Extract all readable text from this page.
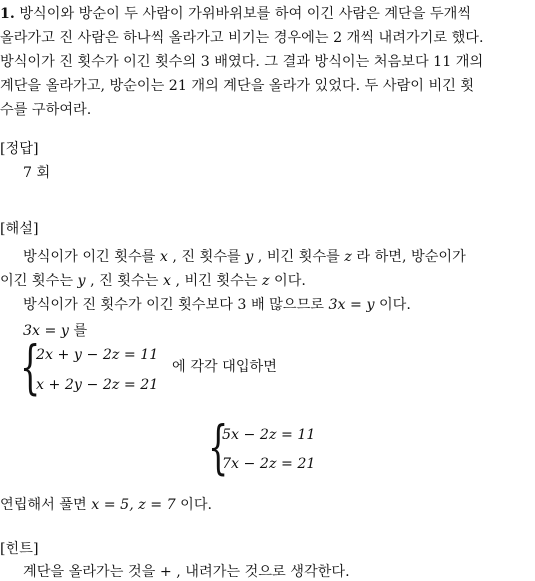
1. 방식이와 방순이 두 사람이 가위바위보를 하여 이긴 사람은 계단을 두개씩
올라가고 진 사람은 하나씩 올라가고 비기는 경우에는 2 개씩 내려가기로 했다.
방식이가 진 횟수가 이긴 횟수의 3 배였다. 그 결과 방식이는 처음보다 11 개의
계단을 올라가고, 방순이는 21 개의 계단을 올라가 있었다. 두 사람이 비긴 횟
수를 구하여라.
[정답]
7 회
[해설]
방식이가 이긴 횟수를 x , 진 횟수를 y , 비긴 횟수를 z 라 하면, 방순이가
이긴 횟수는 y , 진 횟수는 x , 비긴 횟수는 z 이다.
방식이가 진 횟수가 이긴 횟수보다 3 배 많으므로 3x = y 이다.
3x = y 를
{
2x + y − 2z = 11
x + 2y − 2z = 21
에 각각 대입하면
{
5x − 2z = 11
7x − 2z = 21
연립해서 풀면 x = 5, z = 7 이다.
[힌트]
계단을 올라가는 것을 + , 내려가는 것으로 생각한다.
